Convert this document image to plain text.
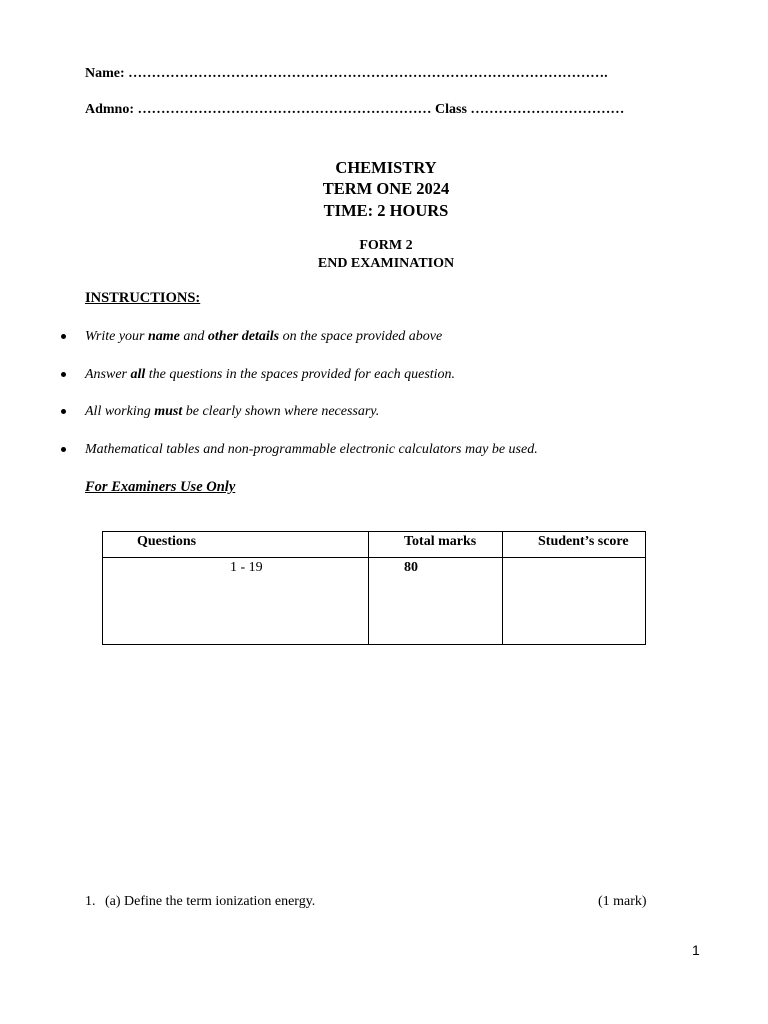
Name: ………………………………………………………………………………………….
Admno: ……………………………………………………… Class ……………………………
CHEMISTRY
TERM ONE 2024
TIME: 2 HOURS
FORM 2
END EXAMINATION
INSTRUCTIONS:
Write your name and other details on the space provided above
Answer all the questions in the spaces provided for each question.
All working must be clearly shown where necessary.
Mathematical tables and non-programmable electronic calculators may be used.
For Examiners Use Only
Questions	Total marks	Student’s score

1 - 19	80	

1. (a) Define the term ionization energy.	(1 mark)
1
